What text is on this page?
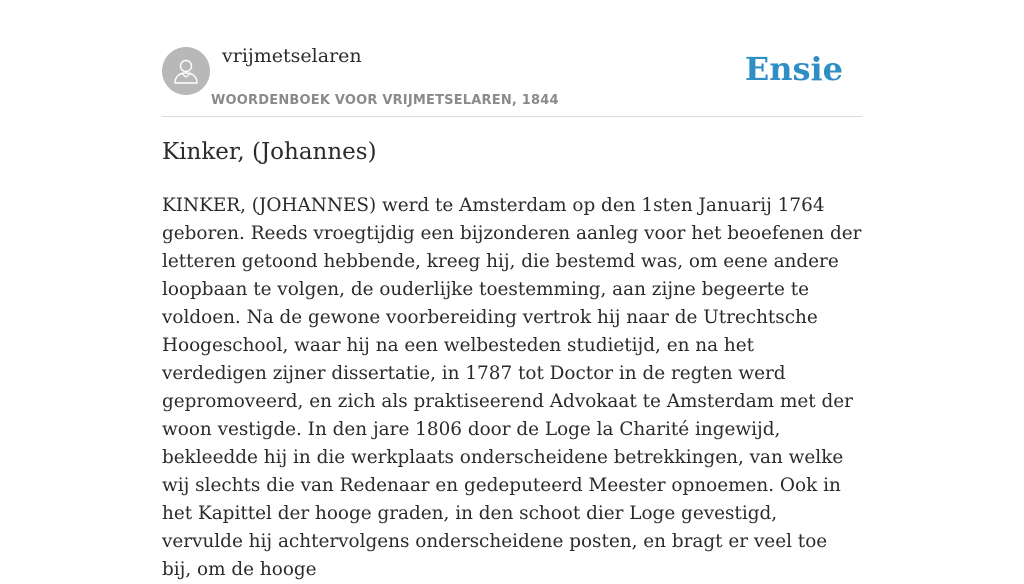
vrijmetselaren
WOORDENBOEK VOOR VRIJMETSELAREN, 1844
Ensie
Kinker, (Johannes)

KINKER, (JOHANNES) werd te Amsterdam op den 1sten Januarij 1764 geboren. Reeds vroegtijdig een bijzonderen aanleg voor het beoefenen der letteren getoond hebbende, kreeg hij, die bestemd was, om eene andere loopbaan te volgen, de ouderlijke toestemming, aan zijne begeerte te voldoen. Na de gewone voorbereiding vertrok hij naar de Utrechtsche Hoogeschool, waar hij na een welbesteden studietijd, en na het verdedigen zijner dissertatie, in 1787 tot Doctor in de regten werd gepromoveerd, en zich als praktiseerend Advokaat te Amsterdam met der woon vestigde. In den jare 1806 door de Loge la Charité ingewijd, bekleedde hij in die werkplaats onderscheidene betrekkingen, van welke wij slechts die van Redenaar en gedeputeerd Meester opnoemen. Ook in het Kapittel der hooge graden, in den schoot dier Loge gevestigd, vervulde hij achtervolgens onderscheidene posten, en bragt er veel toe bij, om de hooge
